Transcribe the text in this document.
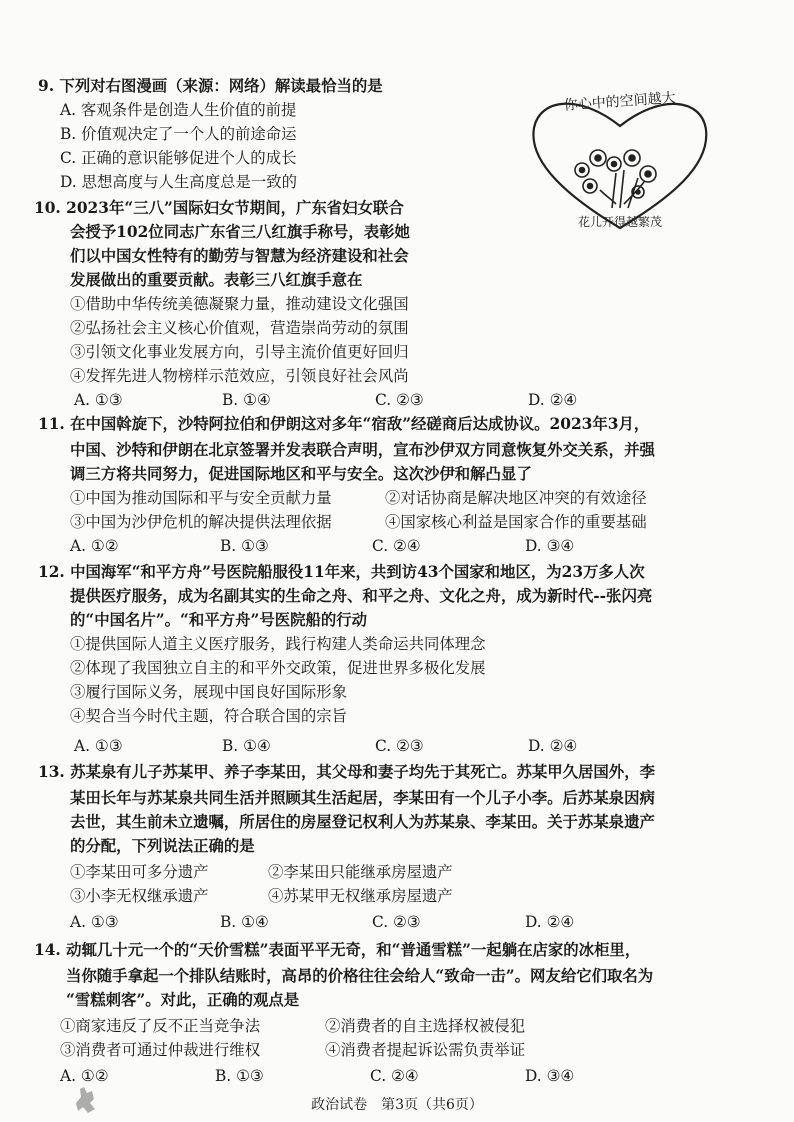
9. 下列对右图漫画（来源：网络）解读最恰当的是
A. 客观条件是创造人生价值的前提
B. 价值观决定了一个人的前途命运
C. 正确的意识能够促进个人的成长
D. 思想高度与人生高度总是一致的
你心中的空间越大
花儿开得越繁茂
10. 2023年“三八”国际妇女节期间，广东省妇女联合
会授予102位同志广东省三八红旗手称号，表彰她
们以中国女性特有的勤劳与智慧为经济建设和社会
发展做出的重要贡献。表彰三八红旗手意在
①借助中华传统美德凝聚力量，推动建设文化强国
②弘扬社会主义核心价值观，营造崇尚劳动的氛围
③引领文化事业发展方向，引导主流价值更好回归
④发挥先进人物榜样示范效应，引领良好社会风尚
A. ①③	B. ①④	C. ②③	D. ②④
11. 在中国斡旋下，沙特阿拉伯和伊朗这对多年“宿敌”经磋商后达成协议。2023年3月，
中国、沙特和伊朗在北京签署并发表联合声明，宣布沙伊双方同意恢复外交关系，并强
调三方将共同努力，促进国际地区和平与安全。这次沙伊和解凸显了
①中国为推动国际和平与安全贡献力量	②对话协商是解决地区冲突的有效途径
③中国为沙伊危机的解决提供法理依据	④国家核心利益是国家合作的重要基础
A. ①②	B. ①③	C. ②④	D. ③④
12. 中国海军“和平方舟”号医院船服役11年来，共到访43个国家和地区，为23万多人次
提供医疗服务，成为名副其实的生命之舟、和平之舟、文化之舟，成为新时代--张闪亮
的“中国名片”。“和平方舟”号医院船的行动
①提供国际人道主义医疗服务，践行构建人类命运共同体理念
②体现了我国独立自主的和平外交政策，促进世界多极化发展
③履行国际义务，展现中国良好国际形象
④契合当今时代主题，符合联合国的宗旨
A. ①③	B. ①④	C. ②③	D. ②④
13. 苏某泉有儿子苏某甲、养子李某田，其父母和妻子均先于其死亡。苏某甲久居国外，李
某田长年与苏某泉共同生活并照顾其生活起居，李某田有一个儿子小李。后苏某泉因病
去世，其生前未立遗嘱，所居住的房屋登记权利人为苏某泉、李某田。关于苏某泉遗产
的分配，下列说法正确的是
①李某田可多分遗产	②李某田只能继承房屋遗产
③小李无权继承遗产	④苏某甲无权继承房屋遗产
A. ①③	B. ①④	C. ②③	D. ②④
14. 动辄几十元一个的“天价雪糕”表面平平无奇，和“普通雪糕”一起躺在店家的冰柜里，
当你随手拿起一个排队结账时，高昂的价格往往会给人“致命一击”。网友给它们取名为
“雪糕刺客”。对此，正确的观点是
①商家违反了反不正当竞争法	②消费者的自主选择权被侵犯
③消费者可通过仲裁进行维权	④消费者提起诉讼需负责举证
A. ①②	B. ①③	C. ②④	D. ③④
政治试卷　第3页（共6页）
